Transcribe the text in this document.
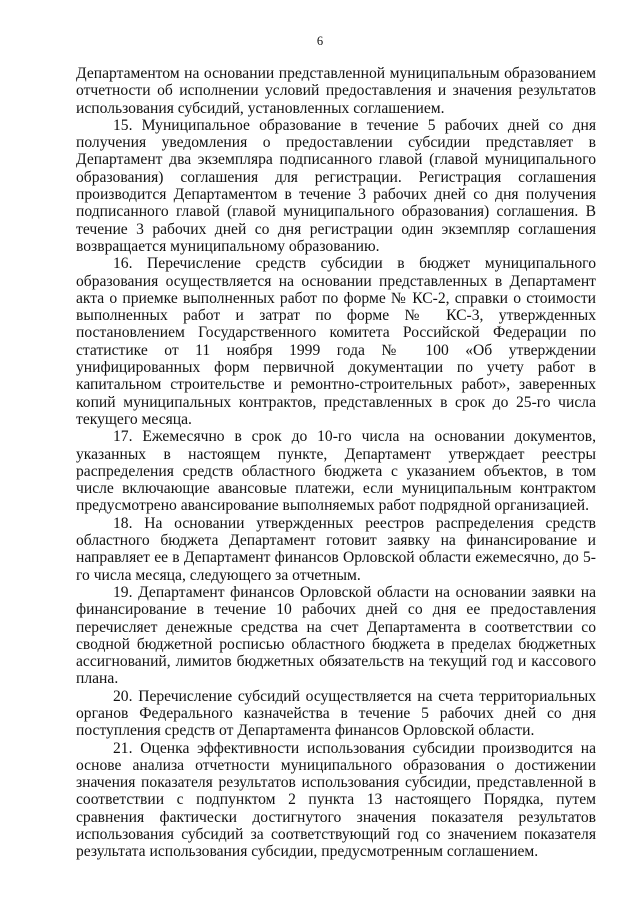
6

Департаментом на основании представленной муниципальным образованием отчетности об исполнении условий предоставления и значения результатов использования субсидий, установленных соглашением.

15. Муниципальное образование в течение 5 рабочих дней со дня получения уведомления о предоставлении субсидии представляет в Департамент два экземпляра подписанного главой (главой муниципального образования) соглашения для регистрации. Регистрация соглашения производится Департаментом в течение 3 рабочих дней со дня получения подписанного главой (главой муниципального образования) соглашения. В течение 3 рабочих дней со дня регистрации один экземпляр соглашения возвращается муниципальному образованию.

16. Перечисление средств субсидии в бюджет муниципального образования осуществляется на основании представленных в Департамент акта о приемке выполненных работ по форме № КС-2, справки о стоимости выполненных работ и затрат по форме № КС-3, утвержденных постановлением Государственного комитета Российской Федерации по статистике от 11 ноября 1999 года № 100 «Об утверждении унифицированных форм первичной документации по учету работ в капитальном строительстве и ремонтно-строительных работ», заверенных копий муниципальных контрактов, представленных в срок до 25-го числа текущего месяца.

17. Ежемесячно в срок до 10-го числа на основании документов, указанных в настоящем пункте, Департамент утверждает реестры распределения средств областного бюджета с указанием объектов, в том числе включающие авансовые платежи, если муниципальным контрактом предусмотрено авансирование выполняемых работ подрядной организацией.

18. На основании утвержденных реестров распределения средств областного бюджета Департамент готовит заявку на финансирование и направляет ее в Департамент финансов Орловской области ежемесячно, до 5-го числа месяца, следующего за отчетным.

19. Департамент финансов Орловской области на основании заявки на финансирование в течение 10 рабочих дней со дня ее предоставления перечисляет денежные средства на счет Департамента в соответствии со сводной бюджетной росписью областного бюджета в пределах бюджетных ассигнований, лимитов бюджетных обязательств на текущий год и кассового плана.

20. Перечисление субсидий осуществляется на счета территориальных органов Федерального казначейства в течение 5 рабочих дней со дня поступления средств от Департамента финансов Орловской области.

21. Оценка эффективности использования субсидии производится на основе анализа отчетности муниципального образования о достижении значения показателя результатов использования субсидии, представленной в соответствии с подпунктом 2 пункта 13 настоящего Порядка, путем сравнения фактически достигнутого значения показателя результатов использования субсидий за соответствующий год со значением показателя результата использования субсидии, предусмотренным соглашением.
